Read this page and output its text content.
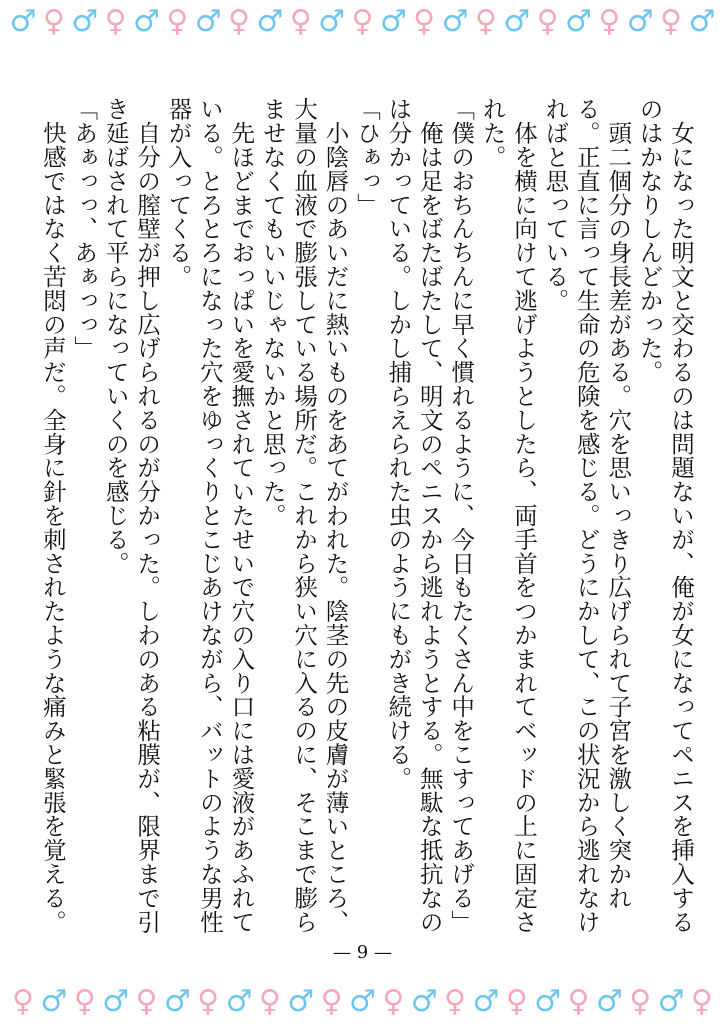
♂ ♀ ♂ ♀ ♂ ♀ ♂ ♀ ♂ ♀ ♂ ♀ ♂ ♀ ♂ ♀ ♂ ♀ ♂ ♀ ♂ ♀ ♂

　女になった明文と交わるのは問題ないが、俺が女になってペニスを挿入するのはかなりしんどかった。

　頭二個分の身長差がある。穴を思いっきり広げられて子宮を激しく突かれる。正直に言って生命の危険を感じる。どうにかして、この状況から逃れなければと思っている。

　体を横に向けて逃げようとしたら、両手首をつかまれてベッドの上に固定された。

「僕のおちんちんに早く慣れるように、今日もたくさん中をこすってあげる」

　俺は足をばたばたして、明文のペニスから逃れようとする。無駄な抵抗なのは分かっている。しかし捕らえられた虫のようにもがき続ける。

「ひぁっ」

　小陰唇のあいだに熱いものをあてがわれた。陰茎の先の皮膚が薄いところ、大量の血液で膨張している場所だ。これから狭い穴に入るのに、そこまで膨らませなくてもいいじゃないかと思った。

　先ほどまでおっぱいを愛撫されていたせいで穴の入り口には愛液があふれている。とろとろになった穴をゆっくりとこじあけながら、バットのような男性器が入ってくる。

　自分の膣壁が押し広げられるのが分かった。しわのある粘膜が、限界まで引き延ばされて平らになっていくのを感じる。

「あぁっっ、あぁっっ」

　快感ではなく苦悶の声だ。全身に針を刺されたような痛みと緊張を覚える。

— 9 —
♀ ♂ ♀ ♂ ♀ ♂ ♀ ♂ ♀ ♂ ♀ ♂ ♀ ♂ ♀ ♂ ♀ ♂ ♀ ♂ ♀ ♂ ♀
